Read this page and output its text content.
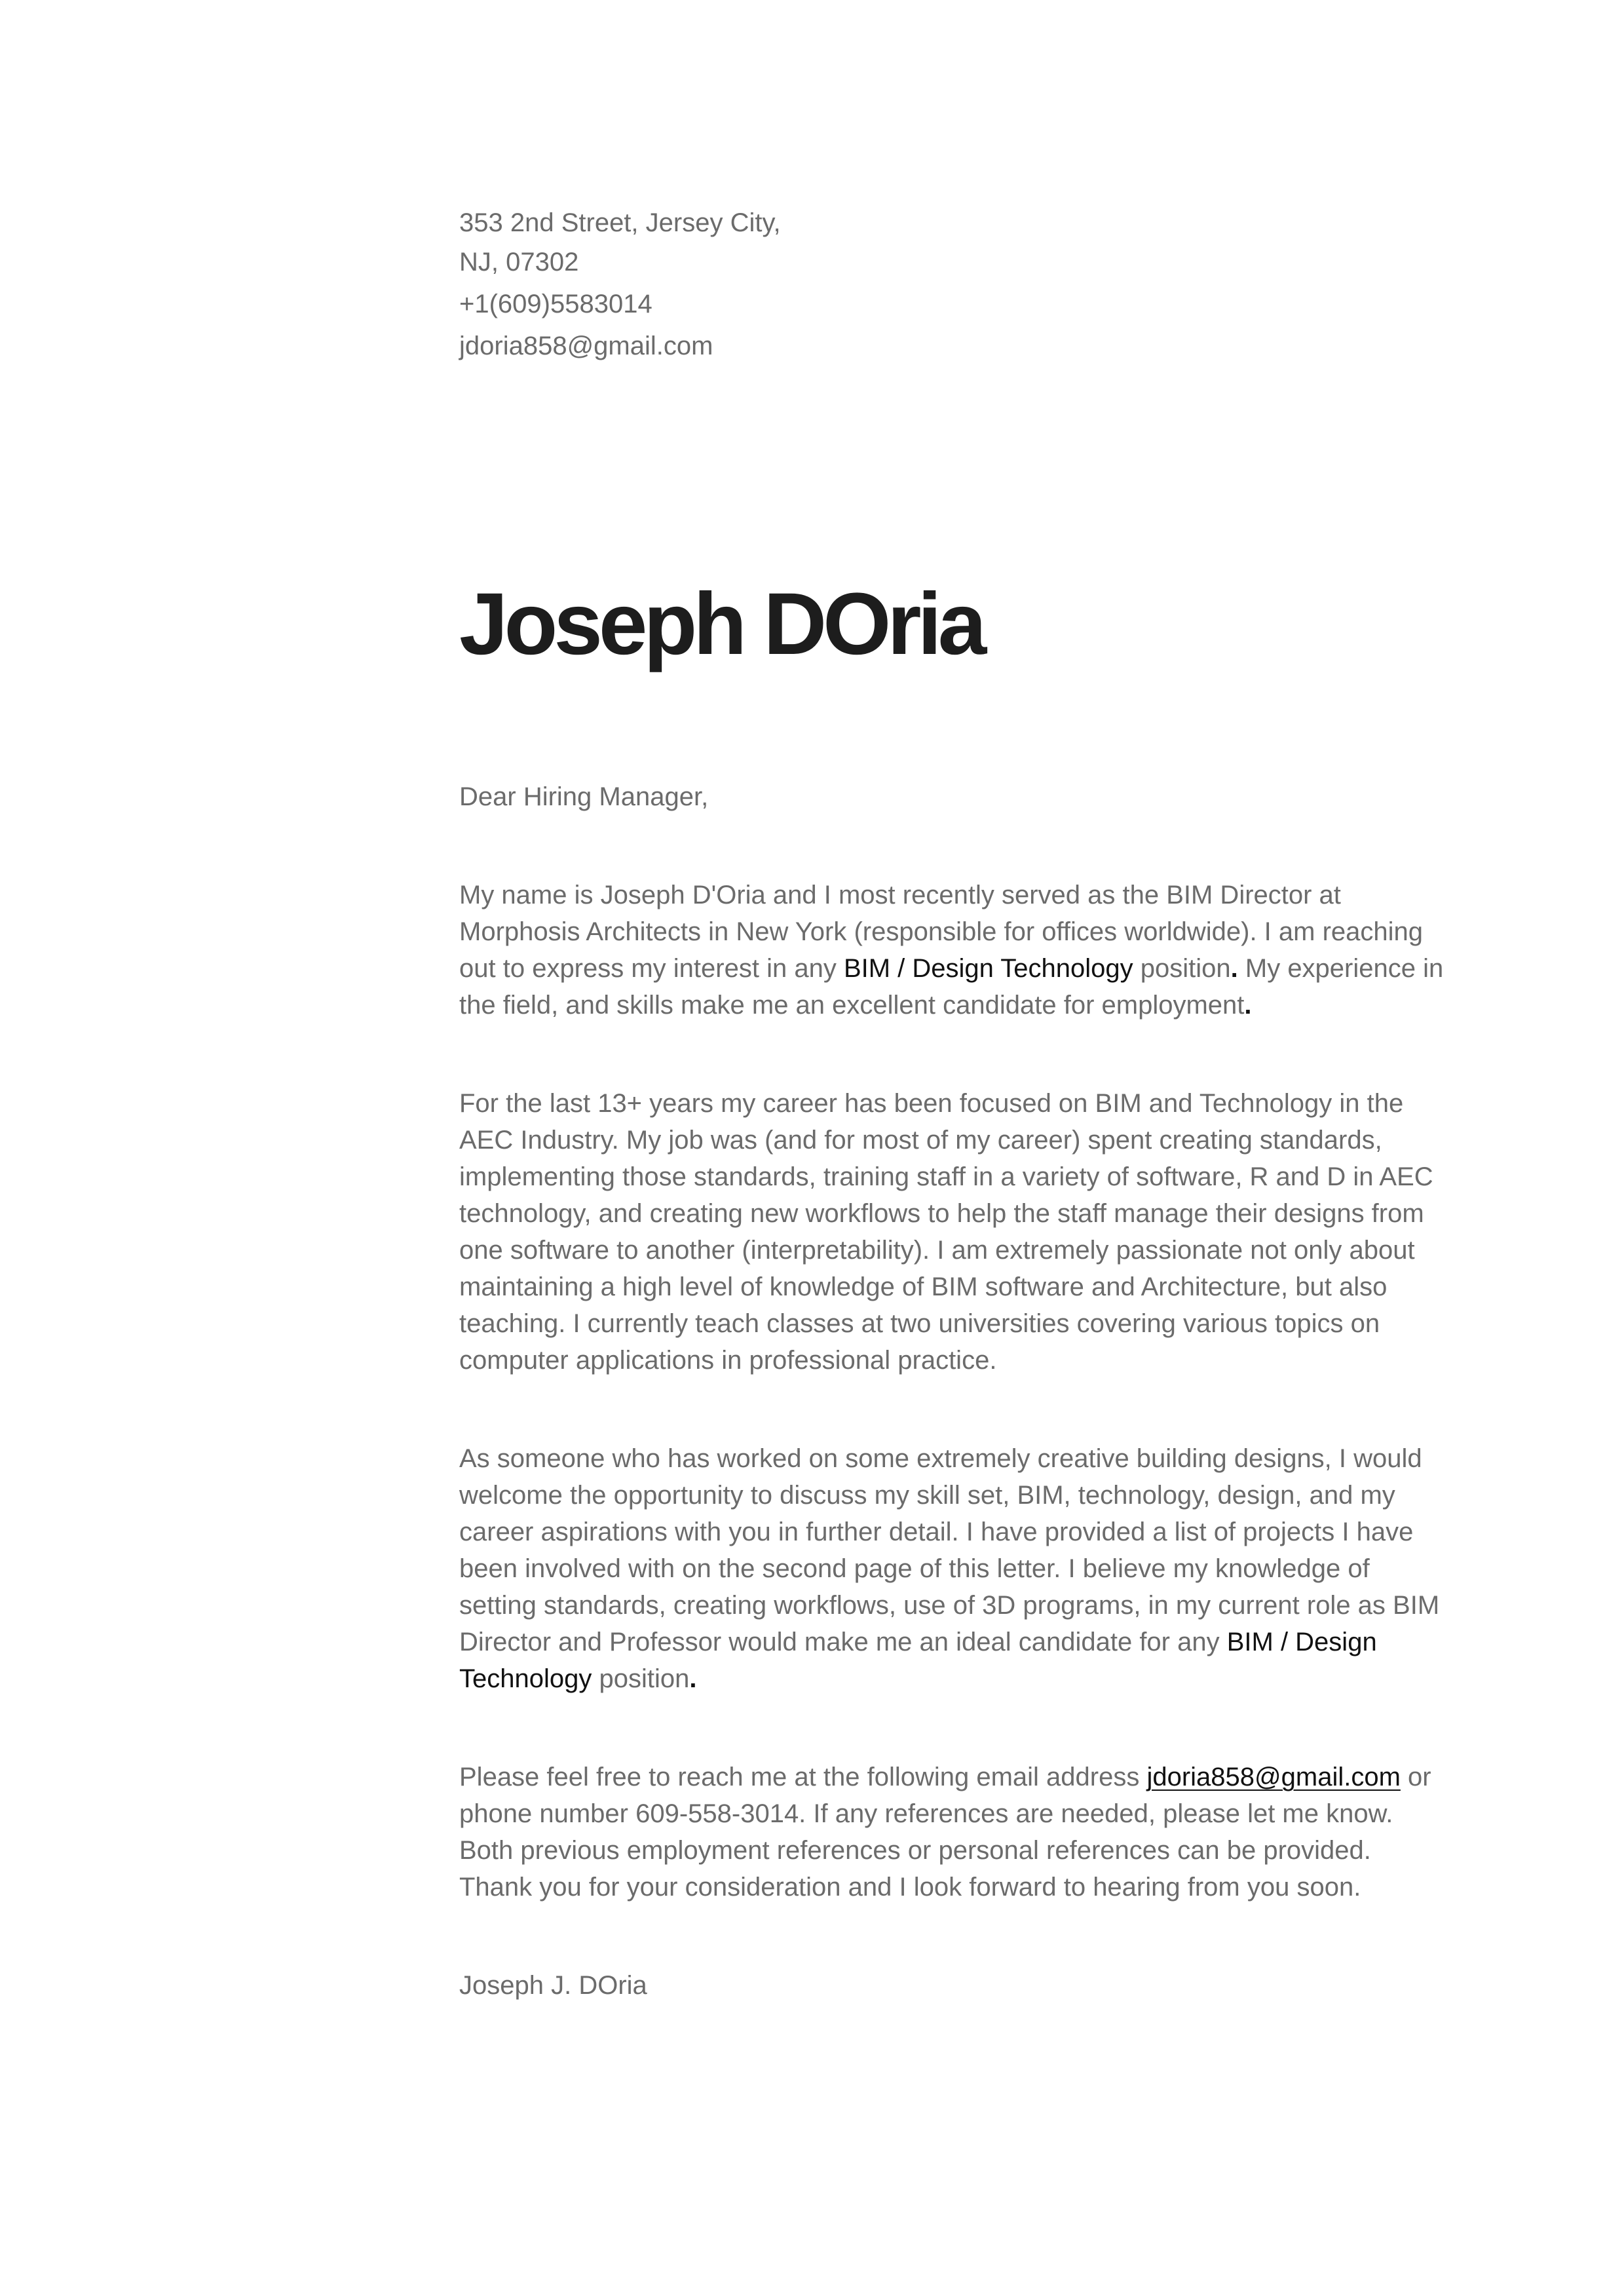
353 2nd Street, Jersey City,
NJ, 07302
+1(609)5583014
jdoria858@gmail.com
Joseph DOria
Dear Hiring Manager,

My name is Joseph D'Oria and I most recently served as the BIM Director at Morphosis Architects in New York (responsible for offices worldwide). I am reaching out to express my interest in any BIM / Design Technology position. My experience in the field, and skills make me an excellent candidate for employment.

For the last 13+ years my career has been focused on BIM and Technology in the AEC Industry. My job was (and for most of my career) spent creating standards, implementing those standards, training staff in a variety of software, R and D in AEC technology, and creating new workflows to help the staff manage their designs from one software to another (interpretability). I am extremely passionate not only about maintaining a high level of knowledge of BIM software and Architecture, but also teaching. I currently teach classes at two universities covering various topics on computer applications in professional practice.

As someone who has worked on some extremely creative building designs, I would welcome the opportunity to discuss my skill set, BIM, technology, design, and my career aspirations with you in further detail. I have provided a list of projects I have been involved with on the second page of this letter. I believe my knowledge of setting standards, creating workflows, use of 3D programs, in my current role as BIM Director and Professor would make me an ideal candidate for any BIM / Design Technology position.

Please feel free to reach me at the following email address jdoria858@gmail.com or phone number 609-558-3014. If any references are needed, please let me know. Both previous employment references or personal references can be provided. Thank you for your consideration and I look forward to hearing from you soon.

Joseph J. DOria
